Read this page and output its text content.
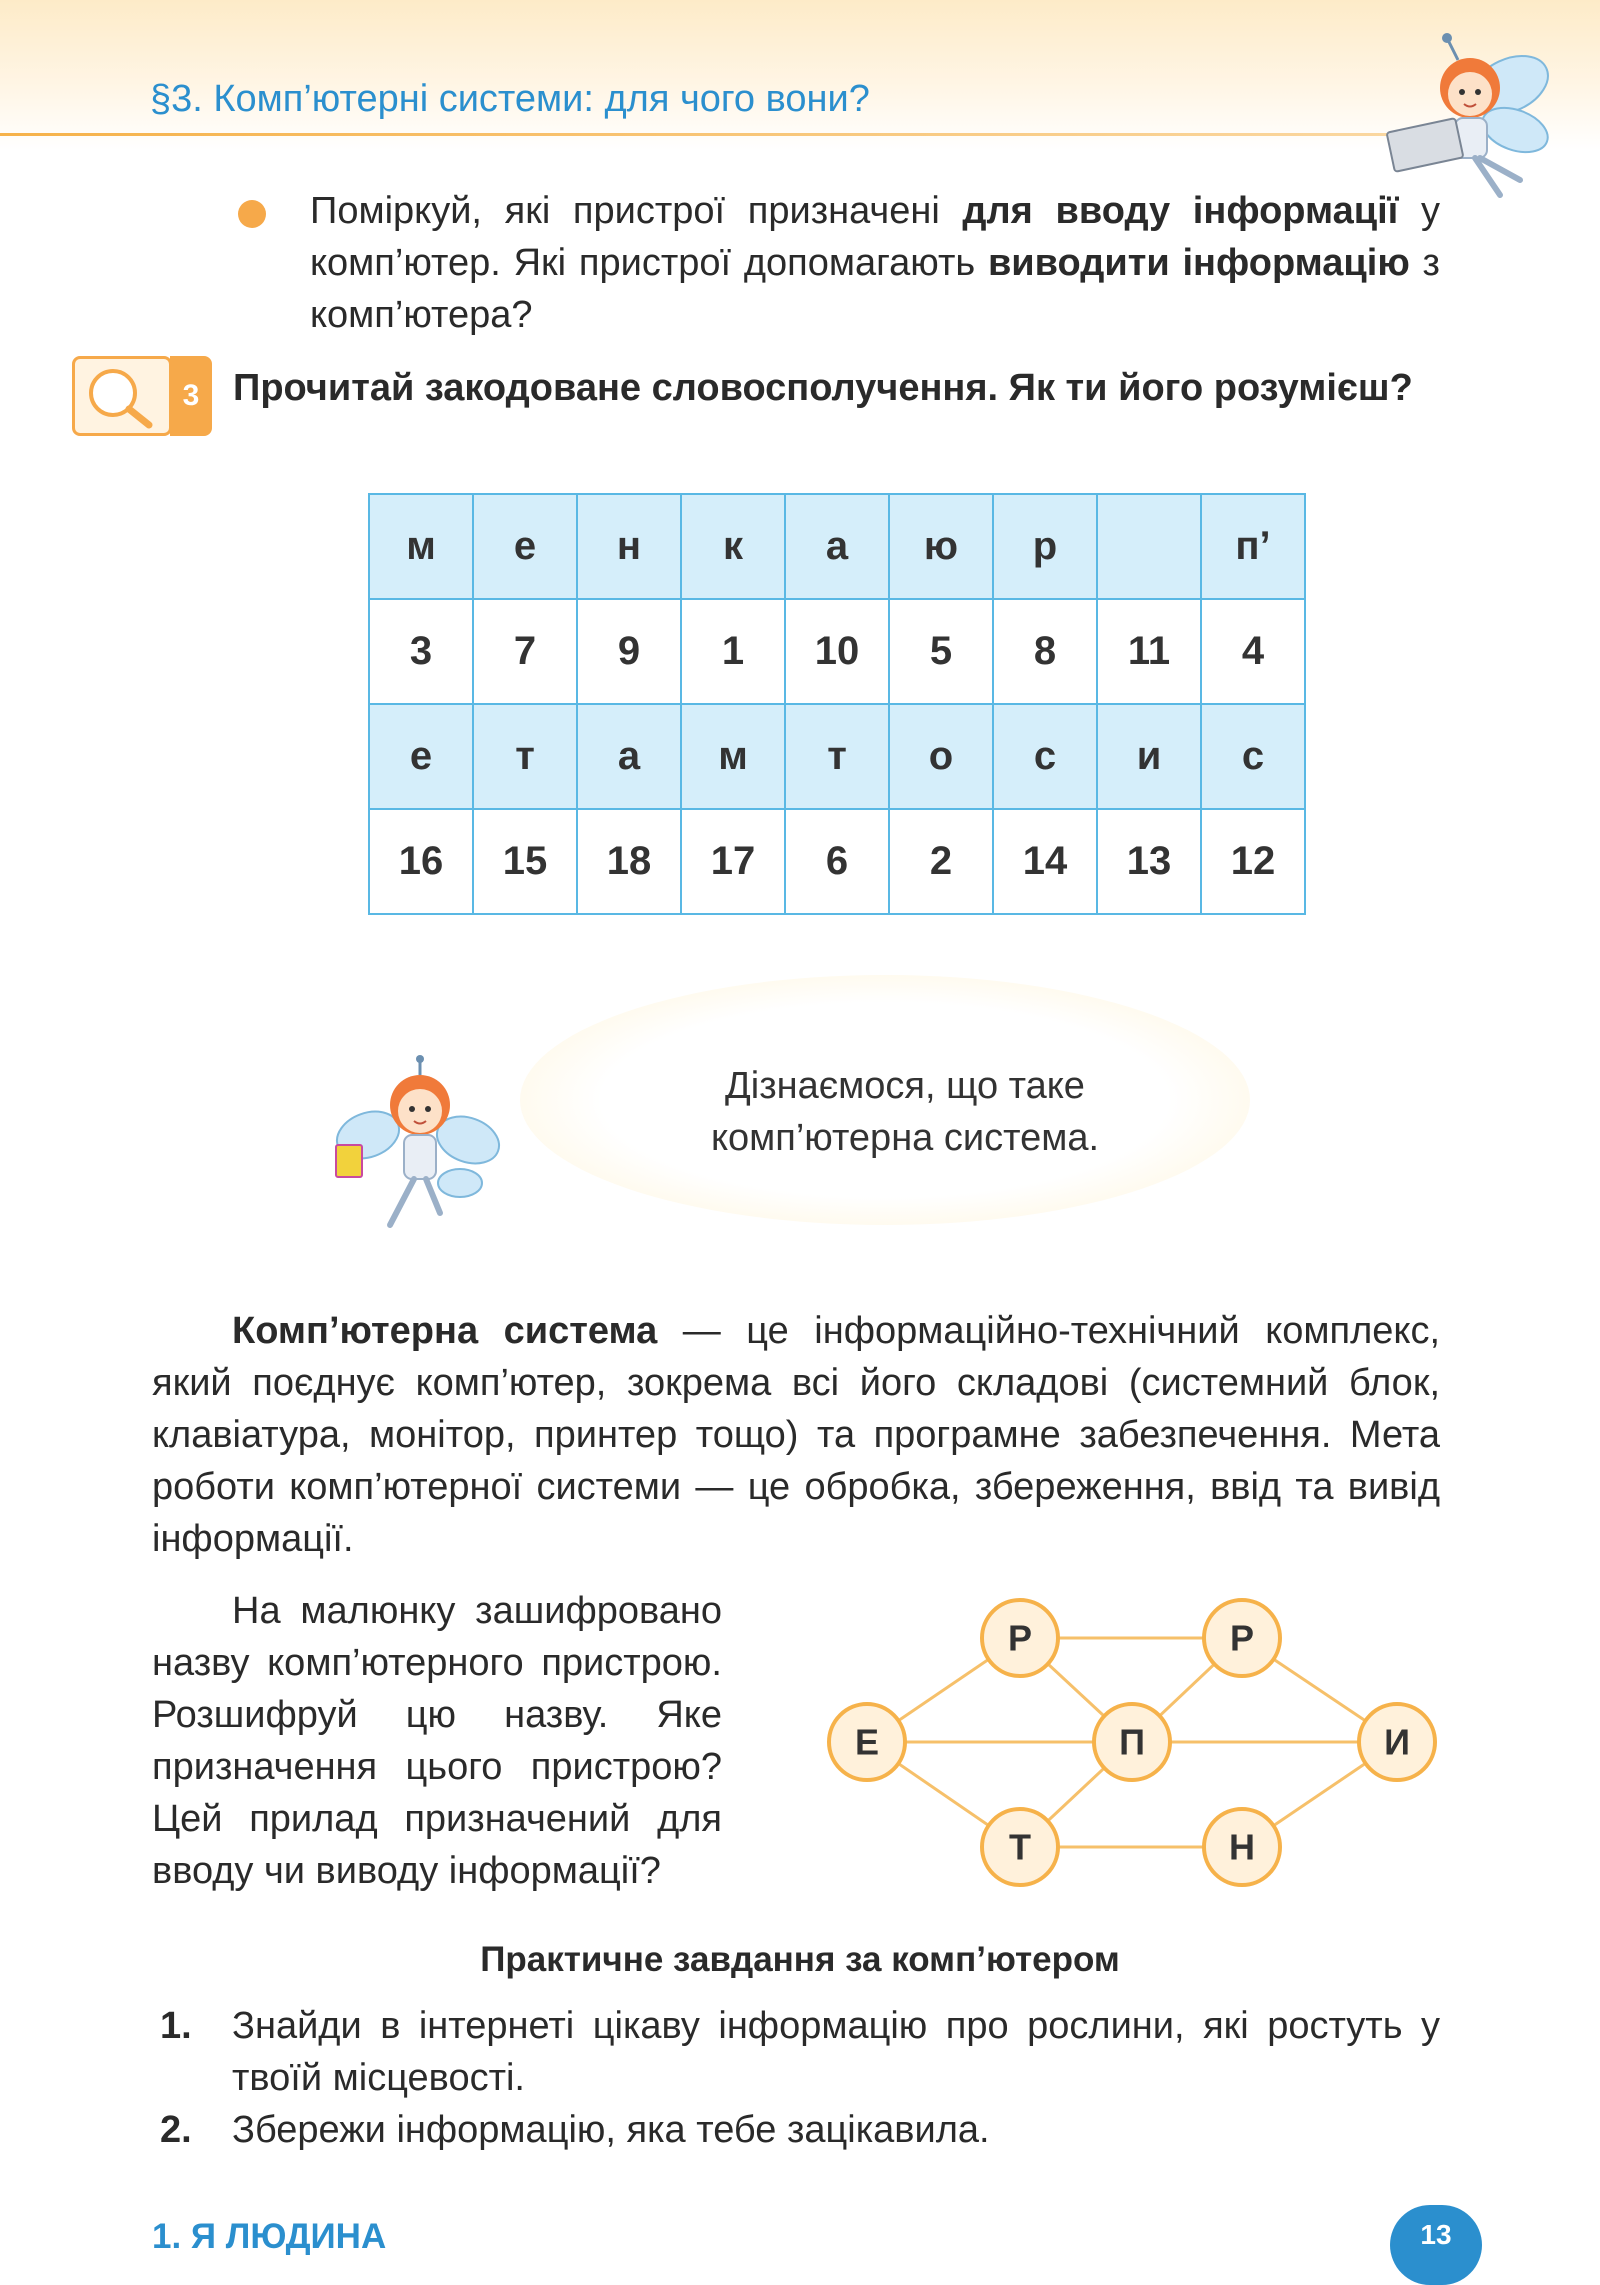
§3. Комп’ютерні системи: для чого вони?
Поміркуй, які пристрої призначені для вводу інформації у комп’ютер. Які пристрої допомагають виводити інформацію з комп’ютера?
3 Прочитай закодоване словосполучення. Як ти його розумієш?
м	е	н	к	а	ю	р		п’
3	7	9	1	10	5	8	11	4
е	т	а	м	т	о	с	и	с
16	15	18	17	6	2	14	13	12
Дізнаємося, що таке
комп’ютерна система.
Комп’ютерна система — це інформаційно-технічний комплекс, який поєднує комп’ютер, зокрема всі його складові (системний блок, клавіатура, монітор, принтер тощо) та програмне забезпечення. Мета роботи комп’ютерної системи — це обробка, збереження, ввід та вивід інформації.
На малюнку зашифровано назву комп’ютерного пристрою. Розшифруй цю назву. Яке призначення цього пристрою? Цей прилад призначений для вводу чи виводу інформації?
Р	Р
Е	П	И
Т	Н
Практичне завдання за комп’ютером
1. Знайди в інтернеті цікаву інформацію про рослини, які ростуть у твоїй місцевості.
2. Збережи інформацію, яка тебе зацікавила.
1. Я ЛЮДИНА	13
